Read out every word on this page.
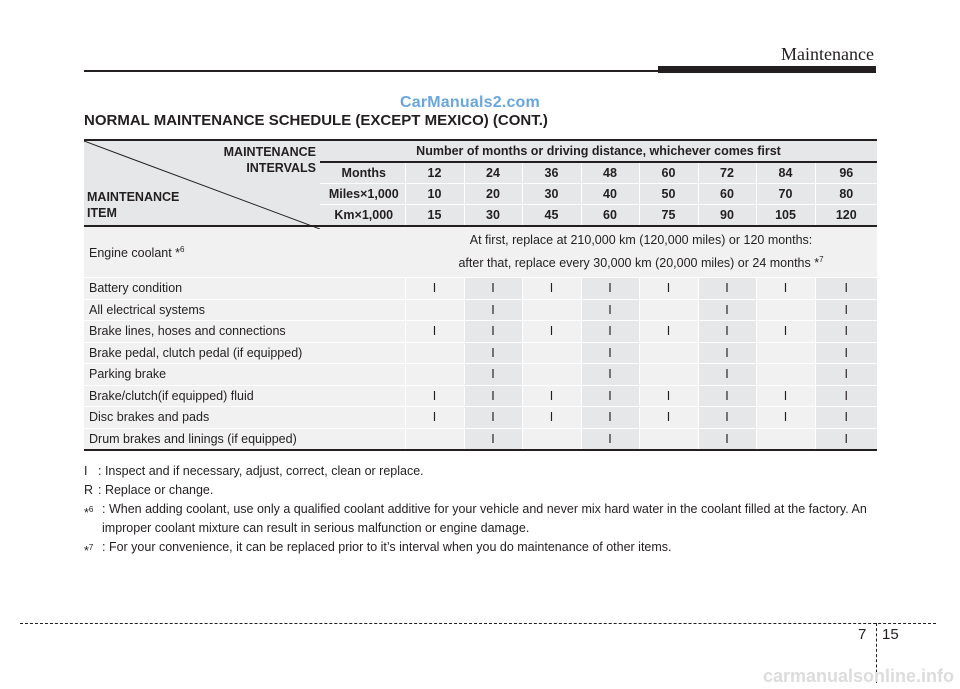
Maintenance
CarManuals2.com
NORMAL MAINTENANCE SCHEDULE (EXCEPT MEXICO) (CONT.)
MAINTENANCE
INTERVALS
MAINTENANCE
ITEM	Number of months or driving distance, whichever comes first								
	Months	12	24	36	48	60	72	84	96
	Miles×1,000	10	20	30	40	50	60	70	80
	Km×1,000	15	30	45	60	75	90	105	120
Engine coolant *$^6$		At first, replace at 210,000 km (120,000 miles) or 120 months:
after that, replace every 30,000 km (20,000 miles) or 24 months *$^7$

Battery condition		I	I	I	I	I	I	I	I
All electrical systems			I		I		I		I
Brake lines, hoses and connections		I	I	I	I	I	I	I	I
Brake pedal, clutch pedal (if equipped)			I		I		I		I
Parking brake			I		I		I		I
Brake/clutch(if equipped) fluid		I	I	I	I	I	I	I	I
Disc brakes and pads		I	I	I	I	I	I	I	I
Drum brakes and linings (if equipped)			I		I		I		I
I : Inspect and if necessary, adjust, correct, clean or replace.
R : Replace or change.
*$^6$ : When adding coolant, use only a qualified coolant additive for your vehicle and never mix hard water in the coolant filled at the factory. An improper coolant mixture can result in serious malfunction or engine damage.
*$^7$ : For your convenience, it can be replaced prior to it’s interval when you do maintenance of other items.
7 15
carmanualsonline.info
